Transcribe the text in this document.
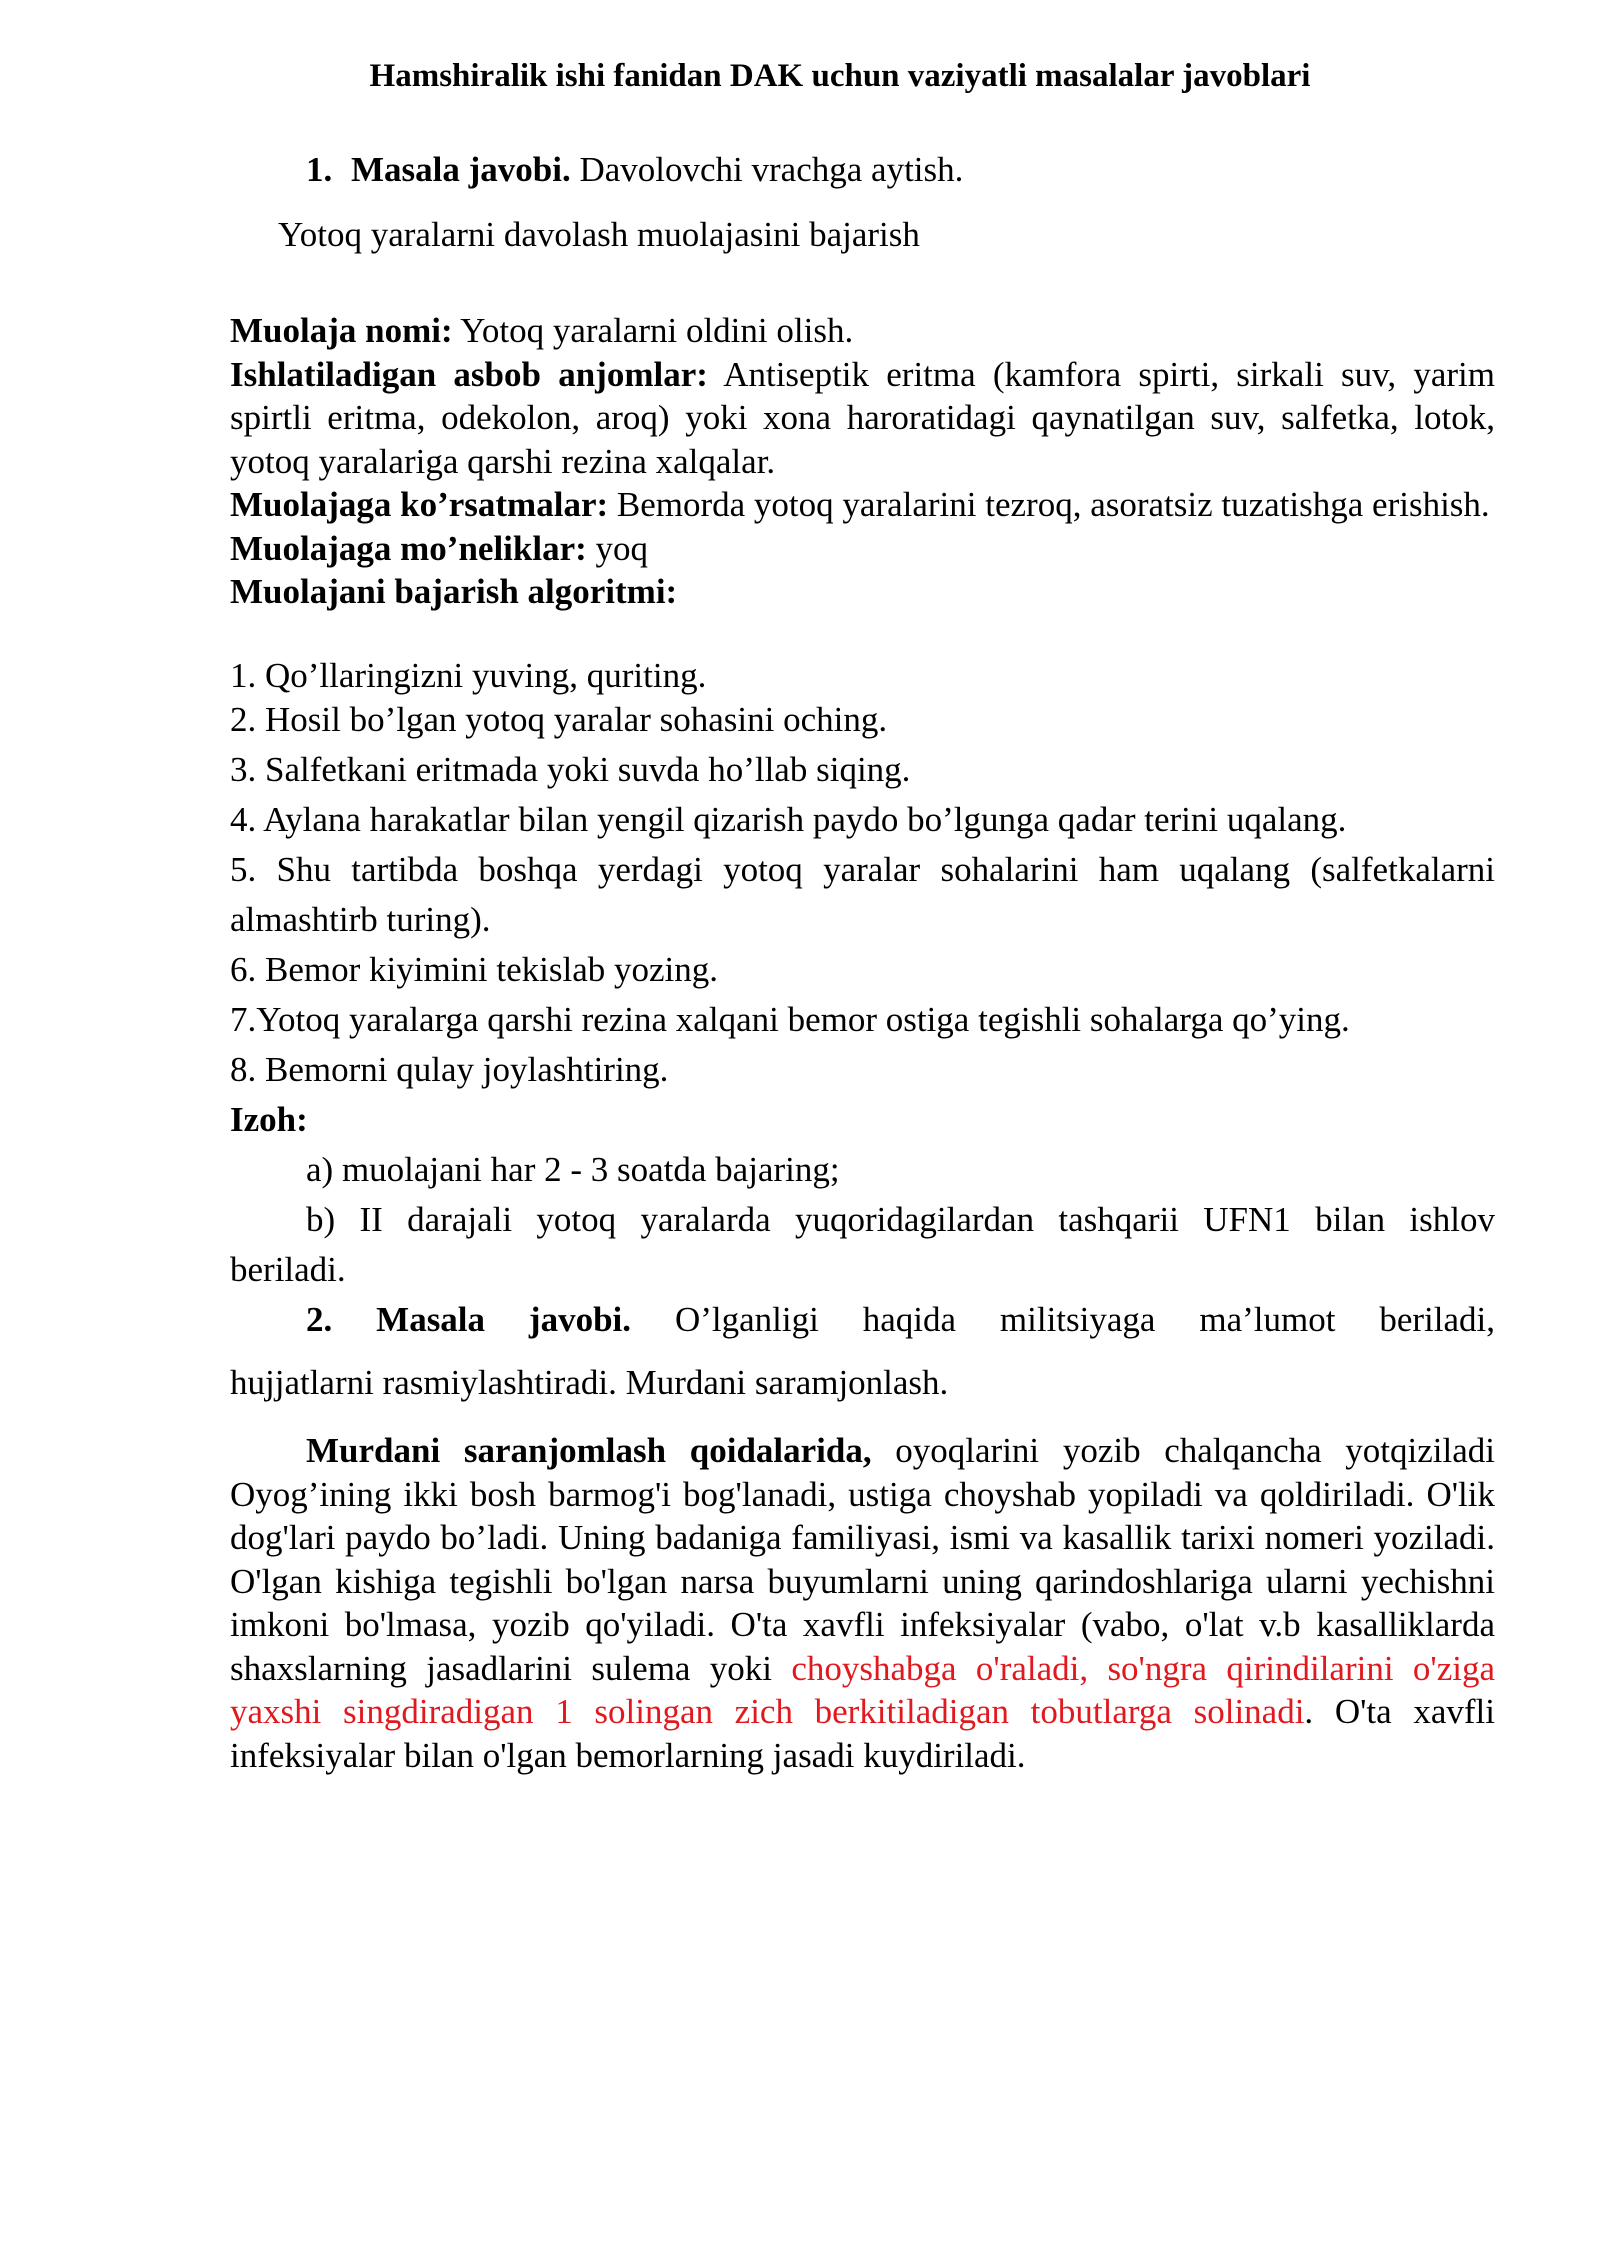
Hamshiralik ishi fanidan DAK uchun vaziyatli masalalar javoblari
1. Masala javobi. Davolovchi vrachga aytish.
Yotoq yaralarni davolash muolajasini bajarish

Muolaja nomi: Yotoq yaralarni oldini olish.

Ishlatiladigan asbob anjomlar: Antiseptik eritma (kamfora spirti, sirkali suv, yarim spirtli eritma, odekolon, aroq) yoki xona haroratidagi qaynatilgan suv, salfetka, lotok, yotoq yaralariga qarshi rezina xalqalar.

Muolajaga ko’rsatmalar: Bemorda yotoq yaralarini tezroq, asoratsiz tuzatishga erishish.

Muolajaga mo’neliklar: yoq

Muolajani bajarish algoritmi:

1. Qo’llaringizni yuving, quriting.
2. Hosil bo’lgan yotoq yaralar sohasini oching.
3. Salfetkani eritmada yoki suvda ho’llab siqing.
4. Aylana harakatlar bilan yengil qizarish paydo bo’lgunga qadar terini uqalang.
5. Shu tartibda boshqa yerdagi yotoq yaralar sohalarini ham uqalang (salfetkalarni
almashtirb turing).
6. Bemor kiyimini tekislab yozing.
7.Yotoq yaralarga qarshi rezina xalqani bemor ostiga tegishli sohalarga qo’ying.
8. Bemorni qulay joylashtiring.
Izoh:
a) muolajani har 2 - 3 soatda bajaring;
b) II darajali yotoq yaralarda yuqoridagilardan tashqarii UFN1 bilan ishlov
beriladi.
2. Masala javobi. O’lganligi haqida militsiyaga ma’lumot beriladi,
hujjatlarni rasmiylashtiradi. Murdani saramjonlash.
Murdani saranjomlash qoidalarida, oyoqlarini yozib chalqancha yotqiziladi Oyog’ining ikki bosh barmog'i bog'lanadi, ustiga choyshab yopiladi va qoldiriladi. O'lik dog'lari paydo bo’ladi. Uning badaniga familiyasi, ismi va kasallik tarixi nomeri yoziladi. O'lgan kishiga tegishli bo'lgan narsa buyumlarni uning qarindoshlariga ularni yechishni imkoni bo'lmasa, yozib qo'yiladi. O'ta xavfli infeksiyalar (vabo, o'lat v.b kasalliklarda shaxslarning jasadlarini sulema yoki choyshabga o'raladi, so'ngra qirindilarini o'ziga yaxshi singdiradigan 1 solingan zich berkitiladigan tobutlarga solinadi. O'ta xavfli infeksiyalar bilan o'lgan bemorlarning jasadi kuydiriladi.
